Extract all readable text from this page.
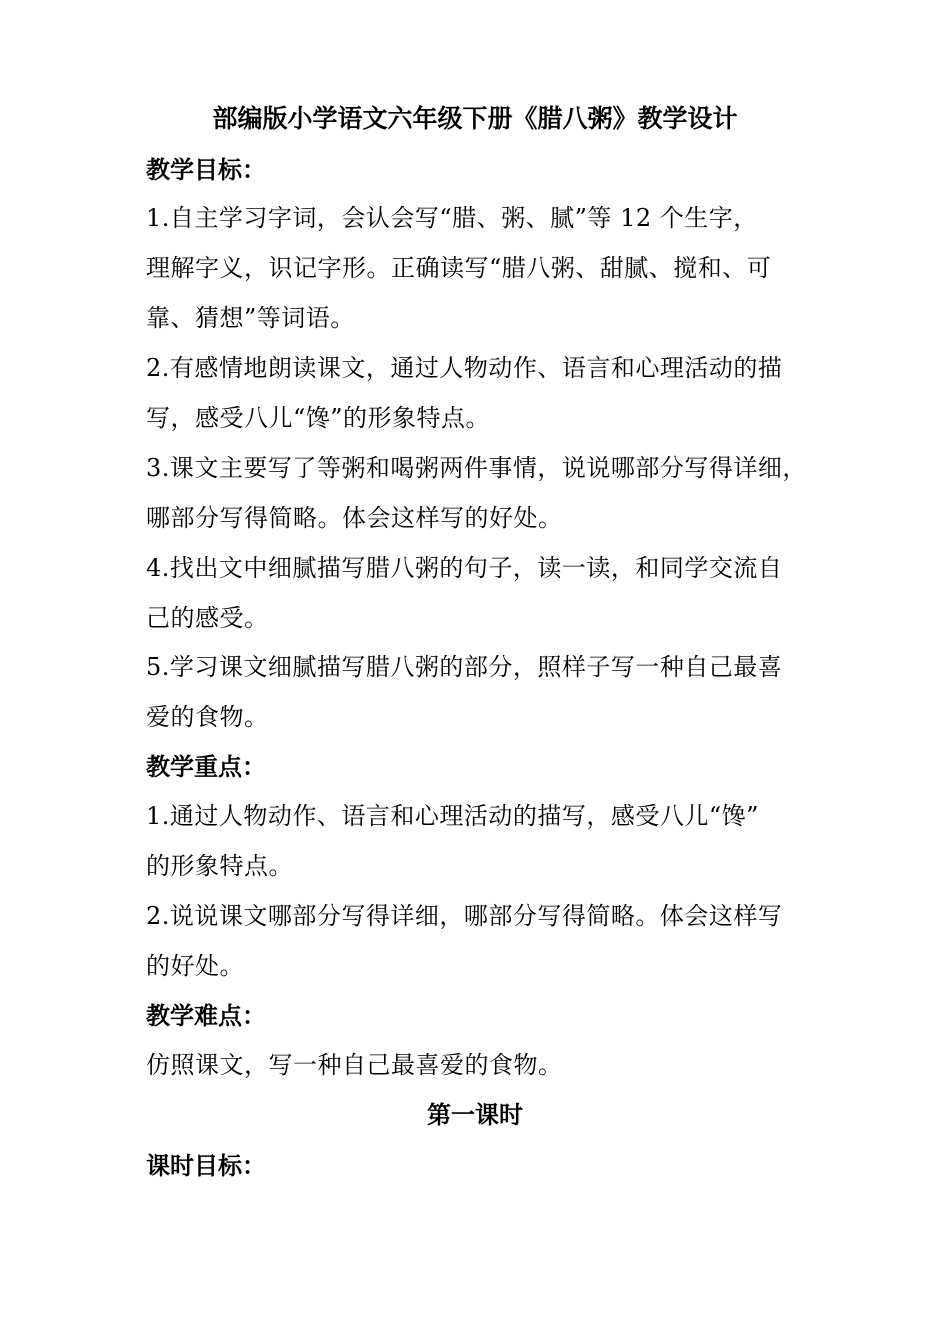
部编版小学语文六年级下册《腊八粥》教学设计
教学目标：

1.自主学习字词，会认会写“腊、粥、腻”等 12 个生字，
理解字义，识记字形。正确读写“腊八粥、甜腻、搅和、可
靠、猜想”等词语。

2.有感情地朗读课文，通过人物动作、语言和心理活动的描
写，感受八儿“馋”的形象特点。

3.课文主要写了等粥和喝粥两件事情，说说哪部分写得详细，
哪部分写得简略。体会这样写的好处。

4.找出文中细腻描写腊八粥的句子，读一读，和同学交流自
己的感受。

5.学习课文细腻描写腊八粥的部分，照样子写一种自己最喜
爱的食物。

教学重点：

1.通过人物动作、语言和心理活动的描写，感受八儿“馋”
的形象特点。

2.说说课文哪部分写得详细，哪部分写得简略。体会这样写
的好处。

教学难点：

仿照课文，写一种自己最喜爱的食物。

第一课时
课时目标：
